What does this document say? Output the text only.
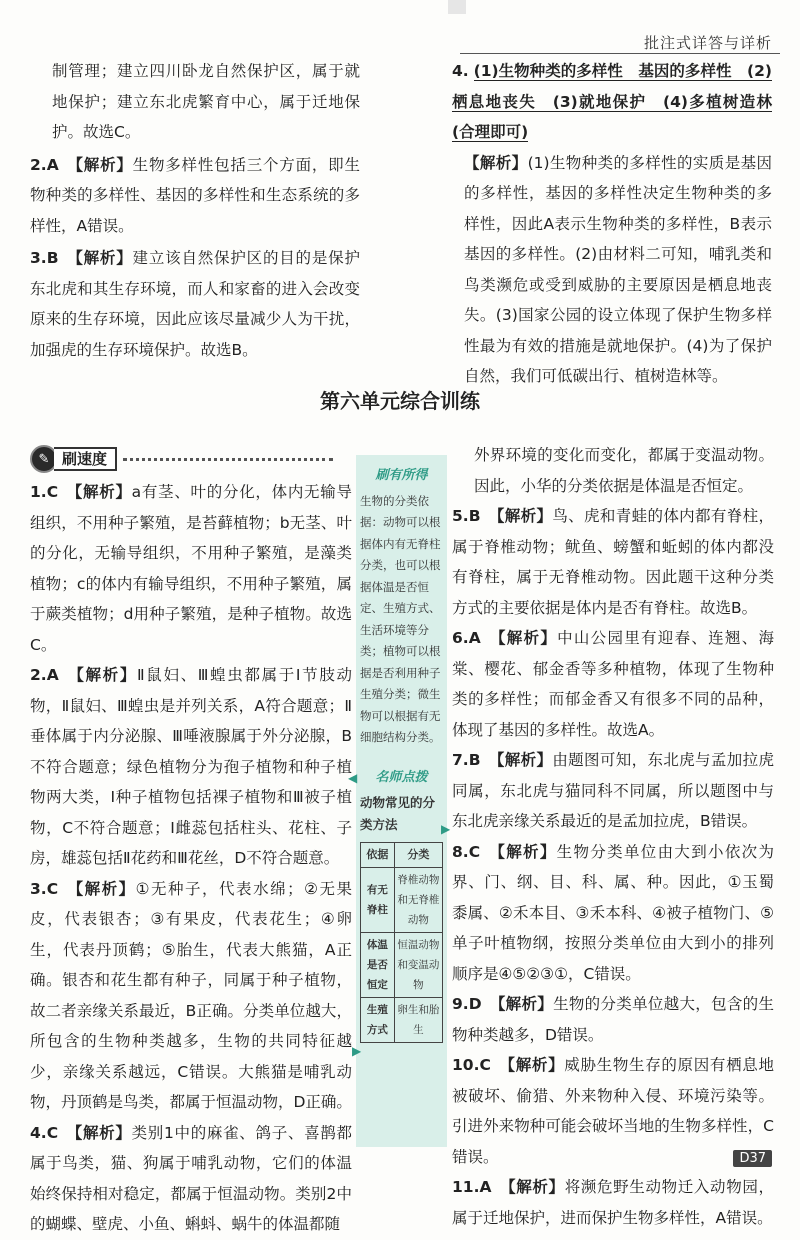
批注式详答与详析

制管理；建立四川卧龙自然保护区，属于就地保护；建立东北虎繁育中心，属于迁地保护。故选C。

2.A 【解析】生物多样性包括三个方面，即生物种类的多样性、基因的多样性和生态系统的多样性，A错误。

3.B 【解析】建立该自然保护区的目的是保护东北虎和其生存环境，而人和家畜的进入会改变原来的生存环境，因此应该尽量减少人为干扰，加强虎的生存环境保护。故选B。

4. (1)生物种类的多样性　基因的多样性　(2)栖息地丧失　(3)就地保护　(4)多植树造林(合理即可)

【解析】(1)生物种类的多样性的实质是基因的多样性，基因的多样性决定生物种类的多样性，因此A表示生物种类的多样性，B表示基因的多样性。(2)由材料二可知，哺乳类和鸟类濒危或受到威胁的主要原因是栖息地丧失。(3)国家公园的设立体现了保护生物多样性最为有效的措施是就地保护。(4)为了保护自然，我们可低碳出行、植树造林等。

第六单元综合训练
✎ 刷速度

1.C 【解析】a有茎、叶的分化，体内无输导组织，不用种子繁殖，是苔藓植物；b无茎、叶的分化，无输导组织，不用种子繁殖，是藻类植物；c的体内有输导组织，不用种子繁殖，属于蕨类植物；d用种子繁殖，是种子植物。故选C。

2.A 【解析】Ⅱ鼠妇、Ⅲ蝗虫都属于Ⅰ节肢动物，Ⅱ鼠妇、Ⅲ蝗虫是并列关系，A符合题意；Ⅱ垂体属于内分泌腺、Ⅲ唾液腺属于外分泌腺，B不符合题意；绿色植物分为孢子植物和种子植物两大类，Ⅰ种子植物包括裸子植物和Ⅲ被子植物，C不符合题意；Ⅰ雌蕊包括柱头、花柱、子房，雄蕊包括Ⅱ花药和Ⅲ花丝，D不符合题意。

3.C 【解析】①无种子，代表水绵；②无果皮，代表银杏；③有果皮，代表花生；④卵生，代表丹顶鹤；⑤胎生，代表大熊猫，A正确。银杏和花生都有种子，同属于种子植物，故二者亲缘关系最近，B正确。分类单位越大，所包含的生物种类越多，生物的共同特征越少，亲缘关系越远，C错误。大熊猫是哺乳动物，丹顶鹤是鸟类，都属于恒温动物，D正确。

4.C 【解析】类别1中的麻雀、鸽子、喜鹊都属于鸟类，猫、狗属于哺乳动物，它们的体温始终保持相对稳定，都属于恒温动物。类别2中的蝴蝶、壁虎、小鱼、蝌蚪、蜗牛的体温都随

刷有所得
生物的分类依据：动物可以根据体内有无脊柱分类，也可以根据体温是否恒定、生殖方式、生活环境等分类；植物可以根据是否利用种子生殖分类；微生物可以根据有无细胞结构分类。
名师点拨
动物常见的分类方法
依据	分类
有无脊柱	脊椎动物和无脊椎动物
体温是否恒定	恒温动物和变温动物
生殖方式	卵生和胎生
◀
▶
▶

外界环境的变化而变化，都属于变温动物。因此，小华的分类依据是体温是否恒定。

5.B 【解析】鸟、虎和青蛙的体内都有脊柱，属于脊椎动物；鱿鱼、螃蟹和蚯蚓的体内都没有脊柱，属于无脊椎动物。因此题干这种分类方式的主要依据是体内是否有脊柱。故选B。

6.A 【解析】中山公园里有迎春、连翘、海棠、樱花、郁金香等多种植物，体现了生物种类的多样性；而郁金香又有很多不同的品种，体现了基因的多样性。故选A。

7.B 【解析】由题图可知，东北虎与孟加拉虎同属，东北虎与猫同科不同属，所以题图中与东北虎亲缘关系最近的是孟加拉虎，B错误。

8.C 【解析】生物分类单位由大到小依次为界、门、纲、目、科、属、种。因此，①玉蜀黍属、②禾本目、③禾本科、④被子植物门、⑤单子叶植物纲，按照分类单位由大到小的排列顺序是④⑤②③①，C错误。

9.D 【解析】生物的分类单位越大，包含的生物种类越多，D错误。

10.C 【解析】威胁生物生存的原因有栖息地被破坏、偷猎、外来物种入侵、环境污染等。引进外来物种可能会破坏当地的生物多样性，C错误。

11.A 【解析】将濒危野生动物迁入动物园，属于迁地保护，进而保护生物多样性，A错误。

D37
